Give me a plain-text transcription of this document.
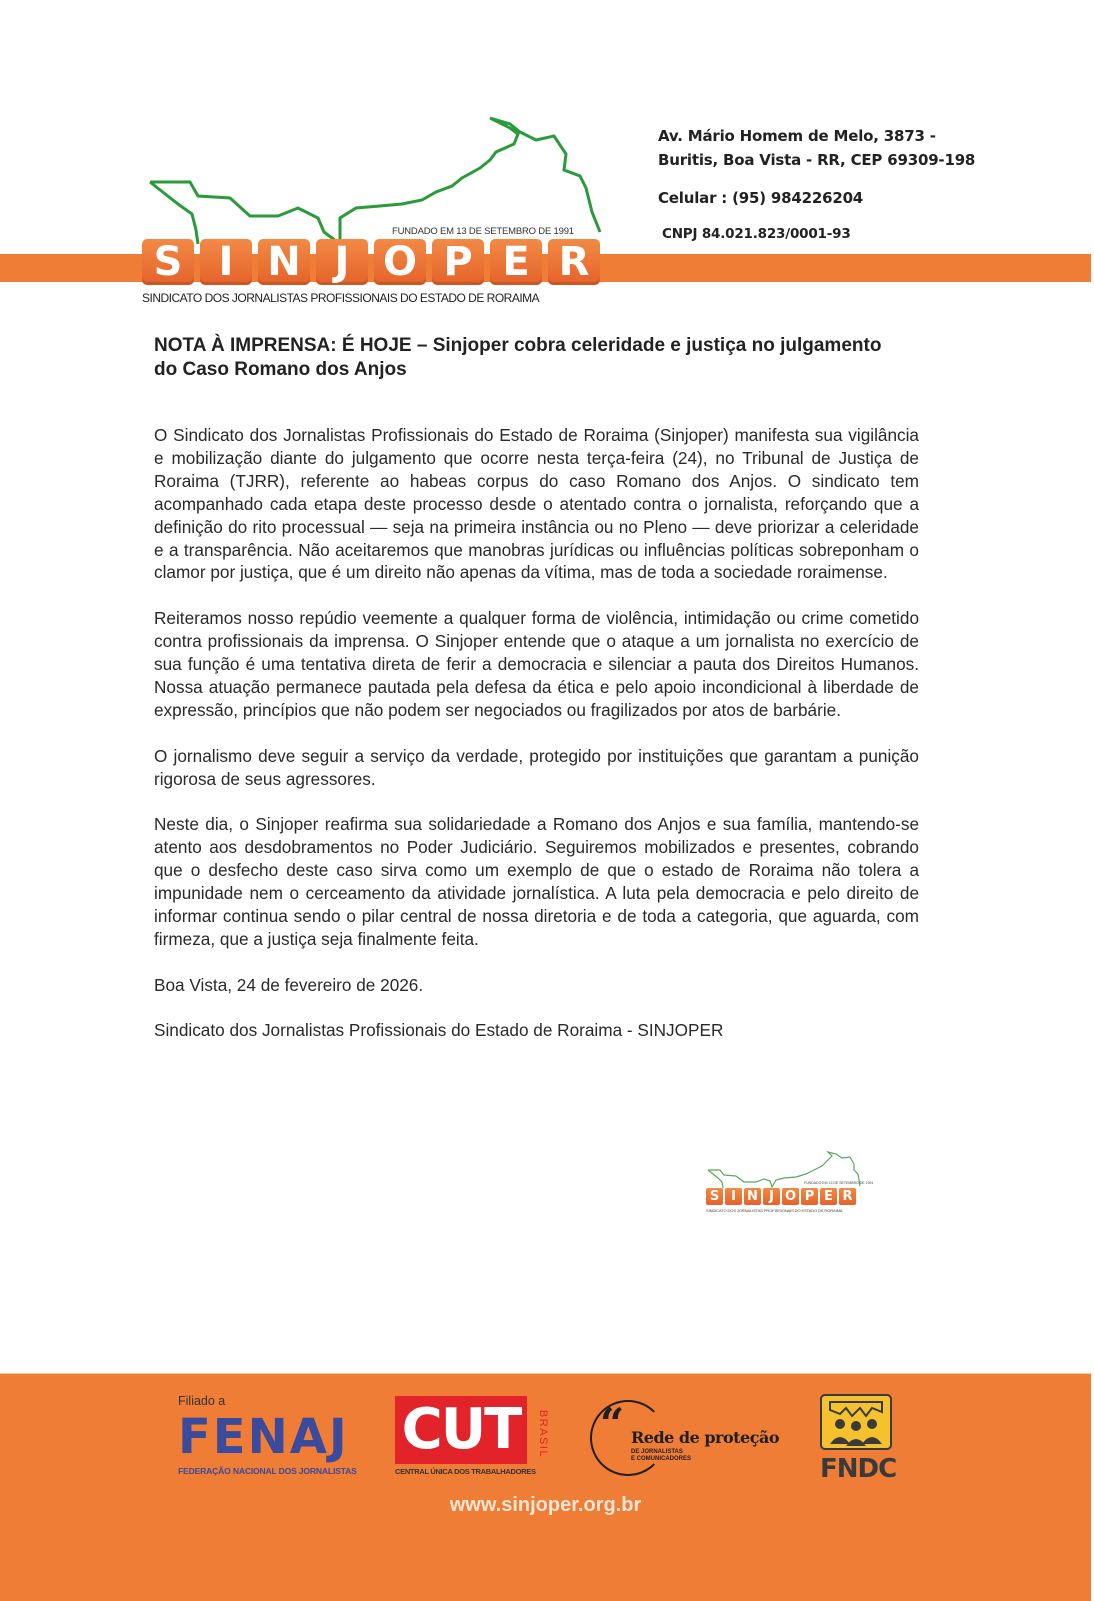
FUNDADO EM 13 DE SETEMBRO DE 1991
S I N J O P E R
SINDICATO DOS JORNALISTAS PROFISSIONAIS DO ESTADO DE RORAIMA
Av. Mário Homem de Melo, 3873 -
Buritis, Boa Vista - RR, CEP 69309-198
Celular : (95) 984226204
CNPJ 84.021.823/0001-93
NOTA À IMPRENSA: É HOJE – Sinjoper cobra celeridade e justiça no julgamento do Caso Romano dos Anjos

O Sindicato dos Jornalistas Profissionais do Estado de Roraima (Sinjoper) manifesta sua vigilância e mobilização diante do julgamento que ocorre nesta terça-feira (24), no Tribunal de Justiça de Roraima (TJRR), referente ao habeas corpus do caso Romano dos Anjos. O sindicato tem acompanhado cada etapa deste processo desde o atentado contra o jornalista, reforçando que a definição do rito processual — seja na primeira instância ou no Pleno — deve priorizar a celeridade e a transparência. Não aceitaremos que manobras jurídicas ou influências políticas sobreponham o clamor por justiça, que é um direito não apenas da vítima, mas de toda a sociedade roraimense.

Reiteramos nosso repúdio veemente a qualquer forma de violência, intimidação ou crime cometido contra profissionais da imprensa. O Sinjoper entende que o ataque a um jornalista no exercício de sua função é uma tentativa direta de ferir a democracia e silenciar a pauta dos Direitos Humanos. Nossa atuação permanece pautada pela defesa da ética e pelo apoio incondicional à liberdade de expressão, princípios que não podem ser negociados ou fragilizados por atos de barbárie.

O jornalismo deve seguir a serviço da verdade, protegido por instituições que garantam a punição rigorosa de seus agressores.

Neste dia, o Sinjoper reafirma sua solidariedade a Romano dos Anjos e sua família, mantendo-se atento aos desdobramentos no Poder Judiciário. Seguiremos mobilizados e presentes, cobrando que o desfecho deste caso sirva como um exemplo de que o estado de Roraima não tolera a impunidade nem o cerceamento da atividade jornalística. A luta pela democracia e pelo direito de informar continua sendo o pilar central de nossa diretoria e de toda a categoria, que aguarda, com firmeza, que a justiça seja finalmente feita.

Boa Vista, 24 de fevereiro de 2026.

Sindicato dos Jornalistas Profissionais do Estado de Roraima - SINJOPER

FUNDADO EM 13 DE SETEMBRO DE 1991
S I N J O P E R
SINDICATO DOS JORNALISTAS PROFISSIONAIS DO ESTADO DE RORAIMA
Filiado a
FENAJ
FEDERAÇÃO NACIONAL DOS JORNALISTAS
CUT	BRASIL
CENTRAL ÚNICA DOS TRABALHADORES
“ Rede de proteção
DE JORNALISTAS
E COMUNICADORES	FNDC
www.sinjoper.org.br
